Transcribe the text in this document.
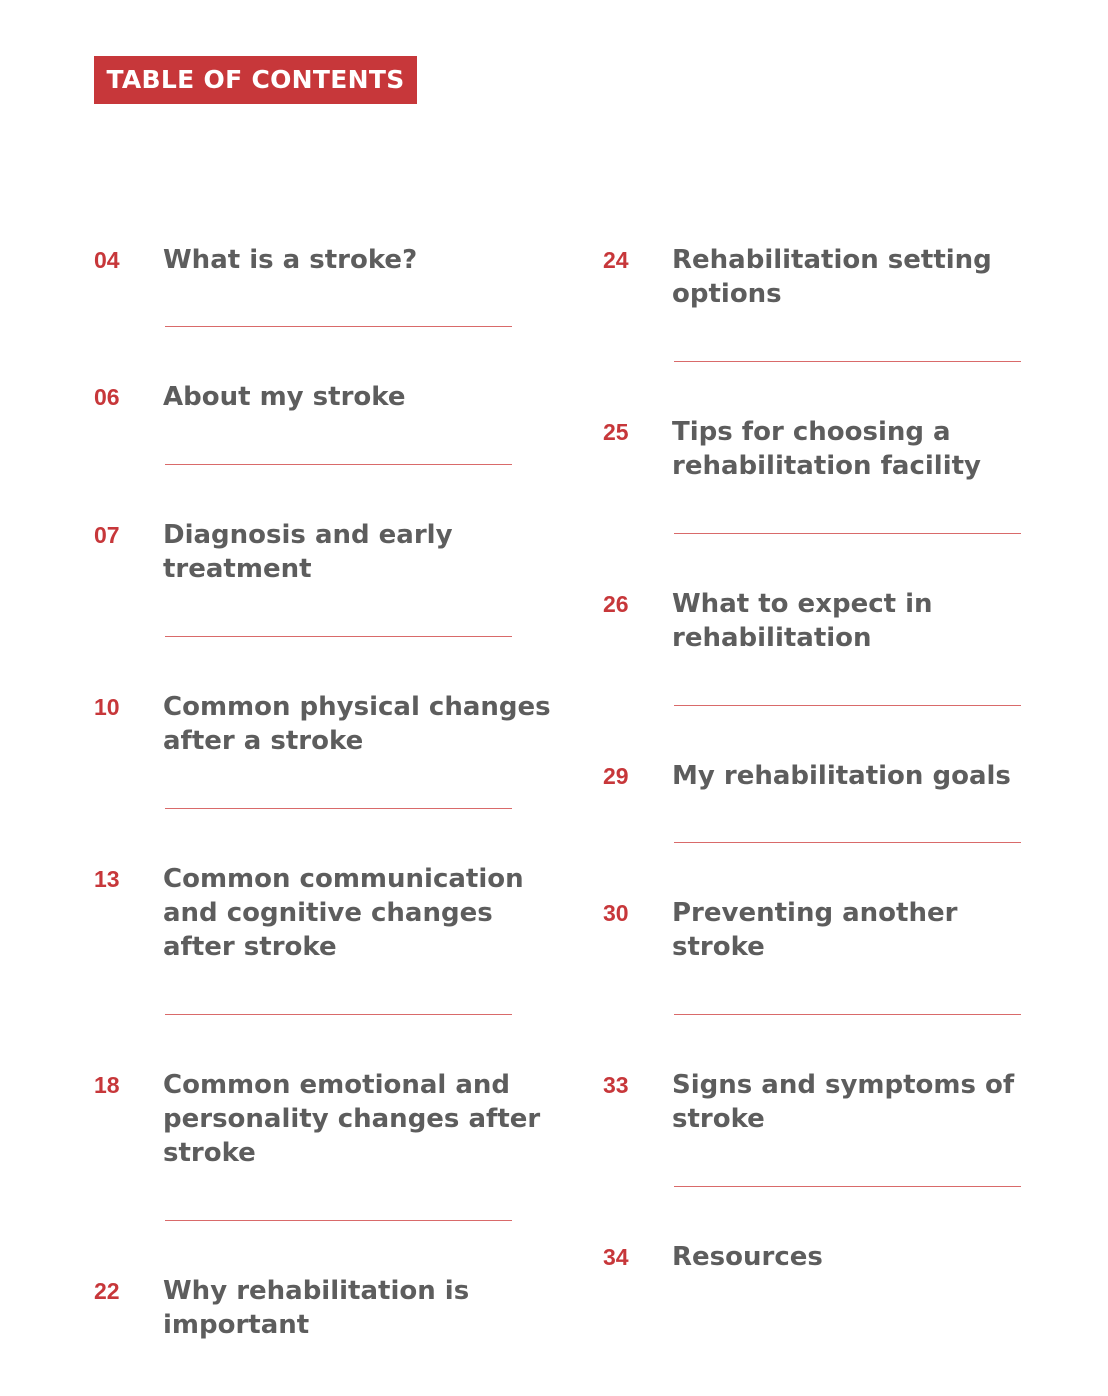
TABLE OF CONTENTS
04 What is a stroke?
06 About my stroke
07 Diagnosis and early
treatment
10 Common physical changes
after a stroke
13 Common communication
and cognitive changes
after stroke
18 Common emotional and
personality changes after
stroke
22 Why rehabilitation is
important
24 Rehabilitation setting
options
25 Tips for choosing a
rehabilitation facility
26 What to expect in
rehabilitation
29 My rehabilitation goals
30 Preventing another
stroke
33 Signs and symptoms of
stroke
34 Resources
